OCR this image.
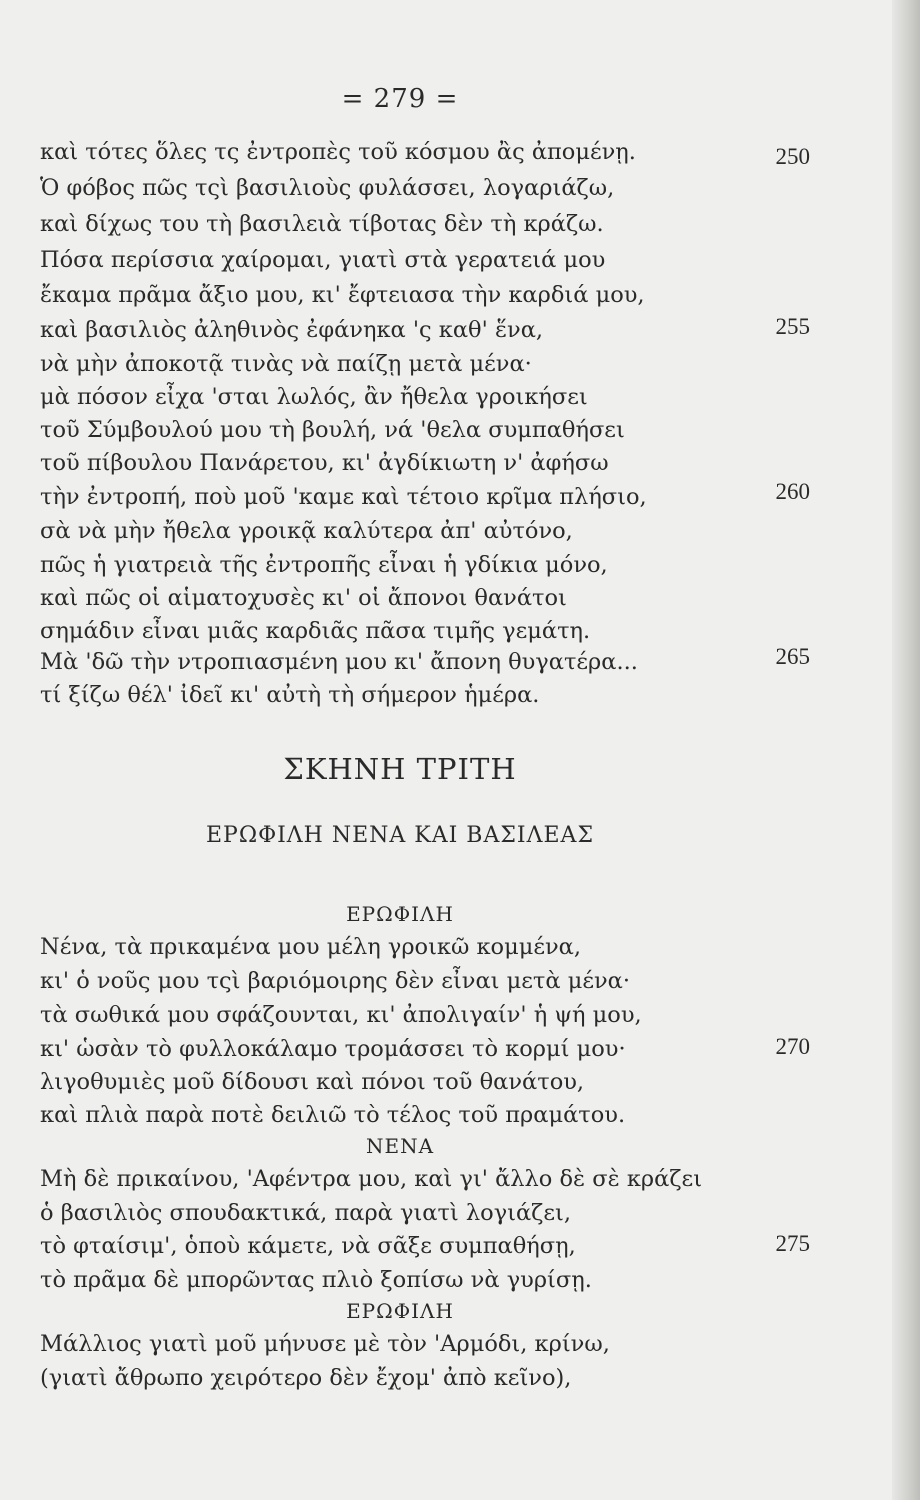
= 279 =
καὶ τότες ὅλες τς ἐντροπὲς τοῦ κόσμου ἂς ἀπομένῃ.
Ὁ φόβος πῶς τςὶ βασιλιοὺς φυλάσσει, λογαριάζω,
καὶ δίχως του τὴ βασιλειὰ τίβοτας δὲν τὴ κράζω.
Πόσα περίσσια χαίρομαι, γιατὶ στὰ γερατειά μου
ἔκαμα πρᾶμα ἄξιο μου, κι' ἔφτειασα τὴν καρδιά μου,
καὶ βασιλιὸς ἀληθινὸς ἐφάνηκα 'ς καθ' ἕνα,
νὰ μὴν ἀποκοτᾷ τινὰς νὰ παίζῃ μετὰ μένα·
μὰ πόσον εἶχα 'σται λωλός, ἂν ἤθελα γροικήσει
τοῦ Σύμβουλού μου τὴ βουλή, νά 'θελα συμπαθήσει
τοῦ πίβουλου Πανάρετου, κι' ἀγδίκιωτη ν' ἀφήσω
τὴν ἐντροπή, ποὺ μοῦ 'καμε καὶ τέτοιο κρῖμα πλήσιο,
σὰ νὰ μὴν ἤθελα γροικᾷ καλύτερα ἀπ' αὐτόνο,
πῶς ἡ γιατρειὰ τῆς ἐντροπῆς εἶναι ἡ γδίκια μόνο,
καὶ πῶς οἱ αἱματοχυσὲς κι' οἱ ἄπονοι θανάτοι
σημάδιν εἶναι μιᾶς καρδιᾶς πᾶσα τιμῆς γεμάτη.
Μὰ 'δῶ τὴν ντροπιασμένη μου κι' ἄπονη θυγατέρα...
τί ξίζω θέλ' ἰδεῖ κι' αὐτὴ τὴ σήμερον ἡμέρα.
250
255
260
265
ΣΚΗΝΗ ΤΡΙΤΗ
ΕΡΩΦΙΛΗ ΝΕΝΑ ΚΑΙ ΒΑΣΙΛΕΑΣ
ΕΡΩΦΙΛΗ
Νένα, τὰ πρικαμένα μου μέλη γροικῶ κομμένα,
κι' ὁ νοῦς μου τςὶ βαριόμοιρης δὲν εἶναι μετὰ μένα·
τὰ σωθικά μου σφάζουνται, κι' ἀπολιγαίν' ἡ ψή μου,
κι' ὡσὰν τὸ φυλλοκάλαμο τρομάσσει τὸ κορμί μου·
λιγοθυμιὲς μοῦ δίδουσι καὶ πόνοι τοῦ θανάτου,
καὶ πλιὰ παρὰ ποτὲ δειλιῶ τὸ τέλος τοῦ πραμάτου.
ΝΕΝΑ
Μὴ δὲ πρικαίνου, 'Αφέντρα μου, καὶ γι' ἄλλο δὲ σὲ κράζει
ὁ βασιλιὸς σπουδακτικά, παρὰ γιατὶ λογιάζει,
τὸ φταίσιμ', ὁποὺ κάμετε, νὰ σᾶξε συμπαθήσῃ,
τὸ πρᾶμα δὲ μπορῶντας πλιὸ ξοπίσω νὰ γυρίσῃ.
ΕΡΩΦΙΛΗ
Μάλλιος γιατὶ μοῦ μήνυσε μὲ τὸν 'Αρμόδι, κρίνω,
(γιατὶ ἄθρωπο χειρότερο δὲν ἔχομ' ἀπὸ κεῖνο),
270
275
